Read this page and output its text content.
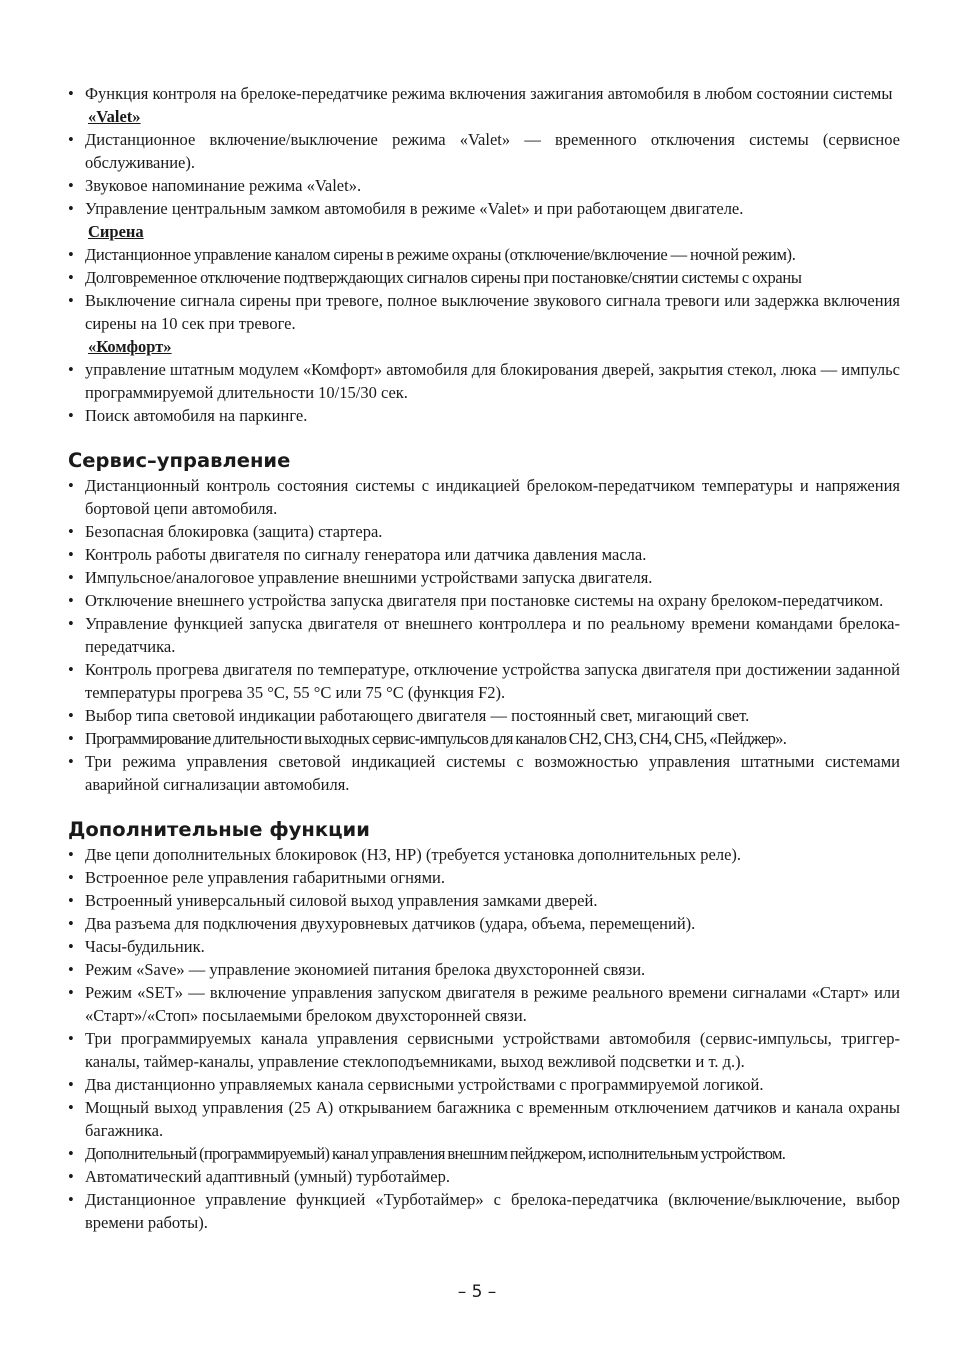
• Функция контроля на брелоке-передатчике режима включения зажигания автомобиля в любом состоянии системы
«Valet»
• Дистанционное включение/выключение режима «Valet» — временного отключения системы (сервисное обслуживание).
• Звуковое напоминание режима «Valet».
• Управление центральным замком автомобиля в режиме «Valet» и при работающем двигателе.
Сирена
• Дистанционное управление каналом сирены в режиме охраны (отключение/включение — ночной режим).
• Долговременное отключение подтверждающих сигналов сирены при постановке/снятии системы с охраны
• Выключение сигнала сирены при тревоге, полное выключение звукового сигнала тревоги или задержка включения сирены на 10 сек при тревоге.
«Комфорт»
• управление штатным модулем «Комфорт» автомобиля для блокирования дверей, закрытия стекол, люка — импульс программируемой длительности 10/15/30 сек.
• Поиск автомобиля на паркинге.
Сервис–управление
• Дистанционный контроль состояния системы с индикацией брелоком-передатчиком температуры и напряжения бортовой цепи автомобиля.
• Безопасная блокировка (защита) стартера.
• Контроль работы двигателя по сигналу генератора или датчика давления масла.
• Импульсное/аналоговое управление внешними устройствами запуска двигателя.
• Отключение внешнего устройства запуска двигателя при постановке системы на охрану брелоком-передатчиком.
• Управление функцией запуска двигателя от внешнего контроллера и по реальному времени командами брелока-передатчика.
• Контроль прогрева двигателя по температуре, отключение устройства запуска двигателя при достижении заданной температуры прогрева 35 °C, 55 °C или 75 °C (функция F2).
• Выбор типа световой индикации работающего двигателя — постоянный свет, мигающий свет.
• Программирование длительности выходных сервис-импульсов для каналов CH2, CH3, CH4, CH5, «Пейджер».
• Три режима управления световой индикацией системы с возможностью управления штатными системами аварийной сигнализации автомобиля.
Дополнительные функции
• Две цепи дополнительных блокировок (НЗ, НР) (требуется установка дополнительных реле).
• Встроенное реле управления габаритными огнями.
• Встроенный универсальный силовой выход управления замками дверей.
• Два разъема для подключения двухуровневых датчиков (удара, объема, перемещений).
• Часы-будильник.
• Режим «Save» — управление экономией питания брелока двухсторонней связи.
• Режим «SET» — включение управления запуском двигателя в режиме реального времени сигналами «Старт» или «Старт»/«Стоп» посылаемыми брелоком двухсторонней связи.
• Три программируемых канала управления сервисными устройствами автомобиля (сервис-импульсы, триггер-каналы, таймер-каналы, управление стеклоподъемниками, выход вежливой подсветки и т. д.).
• Два дистанционно управляемых канала сервисными устройствами с программируемой логикой.
• Мощный выход управления (25 А) открыванием багажника с временным отключением датчиков и канала охраны багажника.
• Дополнительный (программируемый) канал управления внешним пейджером, исполнительным устройством.
• Автоматический адаптивный (умный) турботаймер.
• Дистанционное управление функцией «Турботаймер» с брелока-передатчика (включение/выключение, выбор времени работы).
– 5 –
